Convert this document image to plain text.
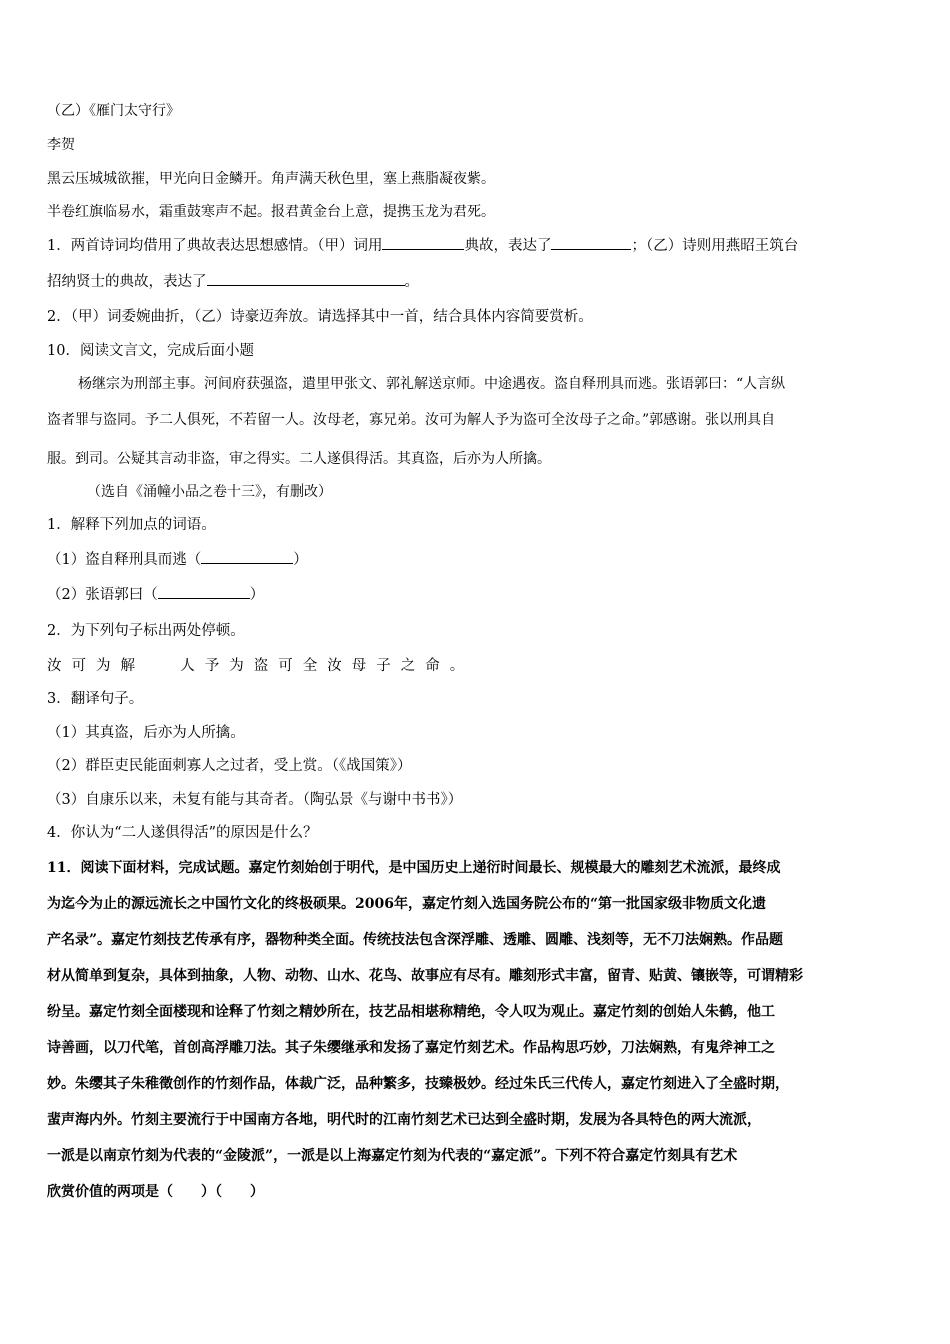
（乙）《雁门太守行》
李贺
黑云压城城欲摧，甲光向日金鳞开。角声满天秋色里，塞上燕脂凝夜紫。
半卷红旗临易水，霜重鼓寒声不起。报君黄金台上意，提携玉龙为君死。
1．两首诗词均借用了典故表达思想感情。（甲）词用	典故，表达了	；（乙）诗则用燕昭王筑台
招纳贤士的典故，表达了	。
2．（甲）词委婉曲折，（乙）诗豪迈奔放。请选择其中一首，结合具体内容简要赏析。
10．阅读文言文，完成后面小题
杨继宗为刑部主事。河间府获强盗，遣里甲张文、郭礼解送京师。中途遇夜。盗自释刑具而逃。张语郭曰：“人言纵
盗者罪与盗同。予二人俱死，不若留一人。汝母老，寡兄弟。汝可为解人予为盗可全汝母子之命。”郭感谢。张以刑具自
服。到司。公疑其言动非盗，审之得实。二人遂俱得活。其真盗，后亦为人所擒。
（选自《涌幢小品之卷十三》，有删改）
1．解释下列加点的词语。
（1）盗自释刑具而逃（	）
（2）张语郭曰（	）
2．为下列句子标出两处停顿。
汝可为解 人予为盗可全汝母子之命。
3．翻译句子。
（1）其真盗，后亦为人所擒。
（2）群臣吏民能面刺寡人之过者，受上赏。（《战国策》）
（3）自康乐以来，未复有能与其奇者。（陶弘景《与谢中书书》）
4．你认为“二人遂俱得活”的原因是什么？
11．阅读下面材料，完成试题。嘉定竹刻始创于明代，是中国历史上递衍时间最长、规模最大的雕刻艺术流派，最终成
为迄今为止的源远流长之中国竹文化的终极硕果。2006年，嘉定竹刻入选国务院公布的“第一批国家级非物质文化遗
产名录”。嘉定竹刻技艺传承有序，器物种类全面。传统技法包含深浮雕、透雕、圆雕、浅刻等，无不刀法娴熟。作品题
材从简单到复杂，具体到抽象，人物、动物、山水、花鸟、故事应有尽有。雕刻形式丰富，留青、贴黄、镶嵌等，可谓精彩
纷呈。嘉定竹刻全面楼现和诠释了竹刻之精妙所在，技艺品相堪称精绝，令人叹为观止。嘉定竹刻的创始人朱鹤，他工
诗善画，以刀代笔，首创高浮雕刀法。其子朱缨继承和发扬了嘉定竹刻艺术。作品构思巧妙，刀法娴熟，有鬼斧神工之
妙。朱缨其子朱稚徵创作的竹刻作品，体裁广泛，品种繁多，技臻极妙。经过朱氏三代传人，嘉定竹刻进入了全盛时期，
蜚声海内外。竹刻主要流行于中国南方各地，明代时的江南竹刻艺术已达到全盛时期，发展为各具特色的两大流派，
一派是以南京竹刻为代表的“金陵派”，一派是以上海嘉定竹刻为代表的“嘉定派”。下列不符合嘉定竹刻具有艺术
欣赏价值的两项是（　　）（　　）
